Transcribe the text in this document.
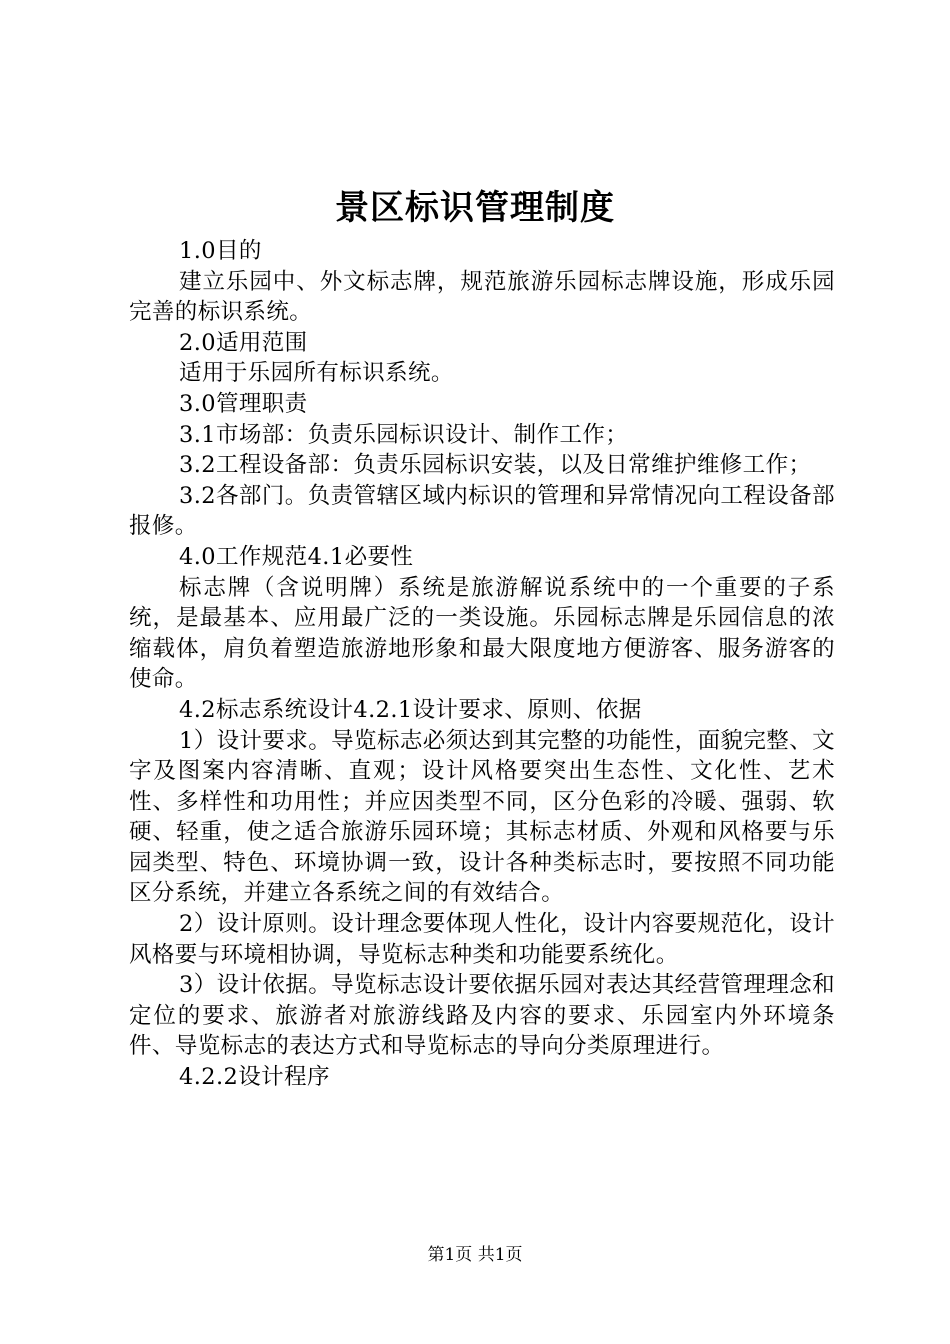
景区标识管理制度

1.0目的

建立乐园中、外文标志牌，规范旅游乐园标志牌设施，形成乐园完善的标识系统。

2.0适用范围

适用于乐园所有标识系统。

3.0管理职责

3.1市场部：负责乐园标识设计、制作工作；

3.2工程设备部：负责乐园标识安装，以及日常维护维修工作；

3.2各部门。负责管辖区域内标识的管理和异常情况向工程设备部报修。

4.0工作规范4.1必要性

标志牌（含说明牌）系统是旅游解说系统中的一个重要的子系统，是最基本、应用最广泛的一类设施。乐园标志牌是乐园信息的浓缩载体，肩负着塑造旅游地形象和最大限度地方便游客、服务游客的使命。

4.2标志系统设计4.2.1设计要求、原则、依据

1）设计要求。导览标志必须达到其完整的功能性，面貌完整、文字及图案内容清晰、直观；设计风格要突出生态性、文化性、艺术性、多样性和功用性；并应因类型不同，区分色彩的冷暖、强弱、软硬、轻重，使之适合旅游乐园环境；其标志材质、外观和风格要与乐园类型、特色、环境协调一致，设计各种类标志时，要按照不同功能区分系统，并建立各系统之间的有效结合。

2）设计原则。设计理念要体现人性化，设计内容要规范化，设计风格要与环境相协调，导览标志种类和功能要系统化。

3）设计依据。导览标志设计要依据乐园对表达其经营管理理念和定位的要求、旅游者对旅游线路及内容的要求、乐园室内外环境条件、导览标志的表达方式和导览标志的导向分类原理进行。

4.2.2设计程序

第1页 共1页
